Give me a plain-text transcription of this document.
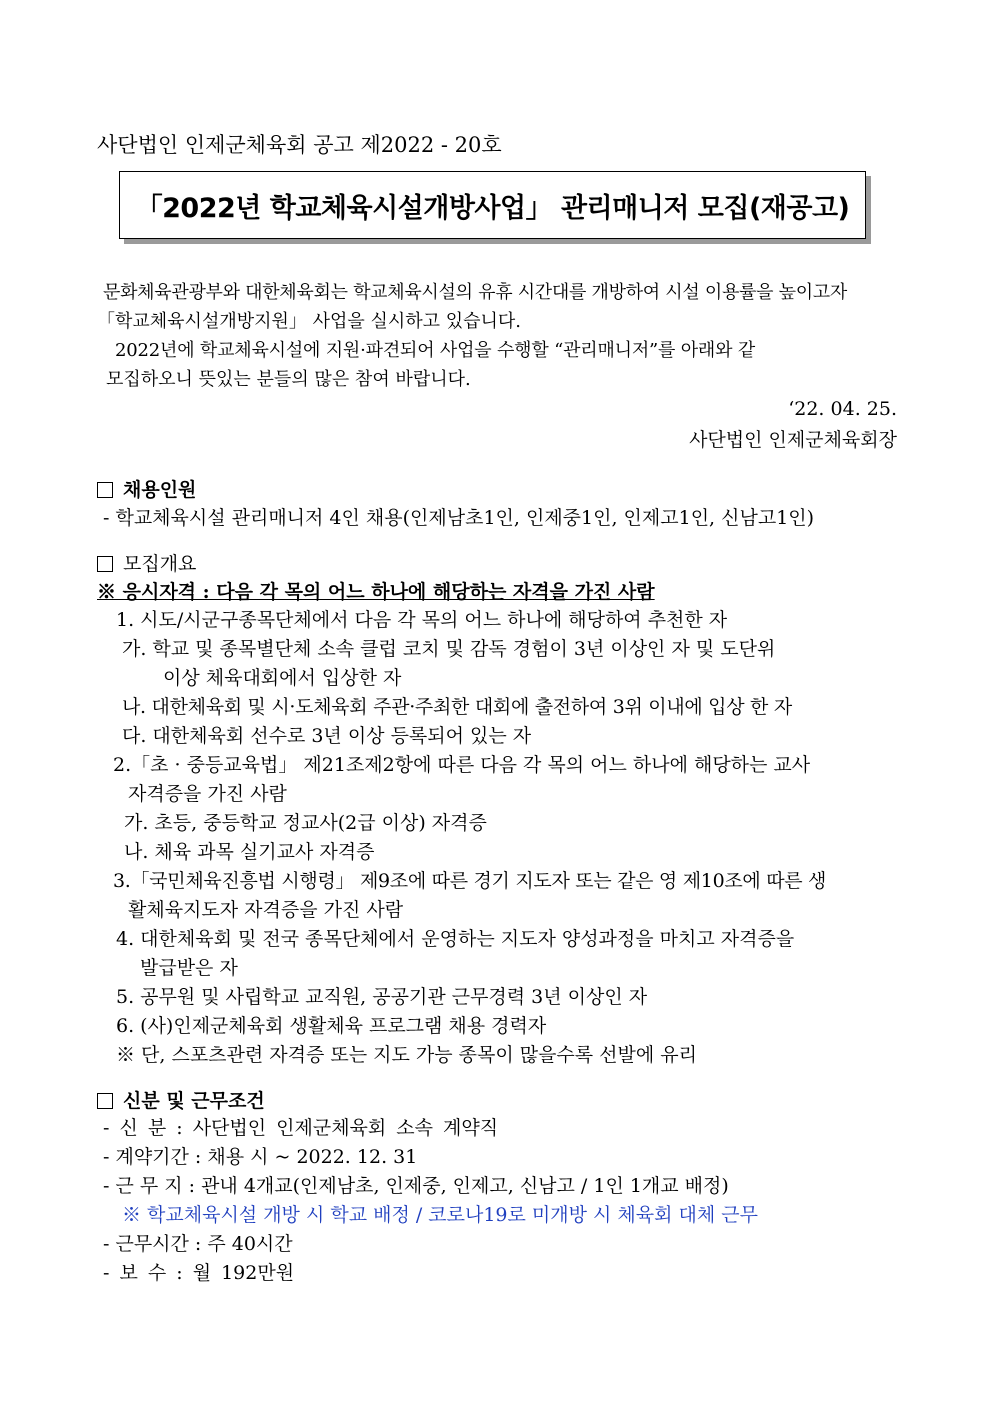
사단법인 인제군체육회 공고 제2022 - 20호
「2022년 학교체육시설개방사업」 관리매니저 모집(재공고)
문화체육관광부와 대한체육회는 학교체육시설의 유휴 시간대를 개방하여 시설 이용률을 높이고자
「학교체육시설개방지원」 사업을 실시하고 있습니다.
2022년에 학교체육시설에 지원·파견되어 사업을 수행할 “관리매니저”를 아래와 같
모집하오니 뜻있는 분들의 많은 참여 바랍니다.
‘22. 04. 25.
사단법인 인제군체육회장
채용인원
- 학교체육시설 관리매니저 4인 채용(인제남초1인, 인제중1인, 인제고1인, 신남고1인)
모집개요
※ 응시자격 : 다음 각 목의 어느 하나에 해당하는 자격을 가진 사람
1. 시도/시군구종목단체에서 다음 각 목의 어느 하나에 해당하여 추천한 자
가. 학교 및 종목별단체 소속 클럽 코치 및 감독 경험이 3년 이상인 자 및 도단위
이상 체육대회에서 입상한 자
나. 대한체육회 및 시·도체육회 주관·주최한 대회에 출전하여 3위 이내에 입상 한 자
다. 대한체육회 선수로 3년 이상 등록되어 있는 자
2.「초 · 중등교육법」 제21조제2항에 따른 다음 각 목의 어느 하나에 해당하는 교사
자격증을 가진 사람
가. 초등, 중등학교 정교사(2급 이상) 자격증
나. 체육 과목 실기교사 자격증
3.「국민체육진흥법 시행령」 제9조에 따른 경기 지도자 또는 같은 영 제10조에 따른 생
활체육지도자 자격증을 가진 사람
4. 대한체육회 및 전국 종목단체에서 운영하는 지도자 양성과정을 마치고 자격증을
발급받은 자
5. 공무원 및 사립학교 교직원, 공공기관 근무경력 3년 이상인 자
6. (사)인제군체육회 생활체육 프로그램 채용 경력자
※ 단, 스포츠관련 자격증 또는 지도 가능 종목이 많을수록 선발에 유리
신분 및 근무조건
- 신 분 : 사단법인 인제군체육회 소속 계약직
- 계약기간 : 채용 시 ~ 2022. 12. 31
- 근 무 지 : 관내 4개교(인제남초, 인제중, 인제고, 신남고 / 1인 1개교 배정)
※ 학교체육시설 개방 시 학교 배정 / 코로나19로 미개방 시 체육회 대체 근무
- 근무시간 : 주 40시간
- 보 수 : 월 192만원
